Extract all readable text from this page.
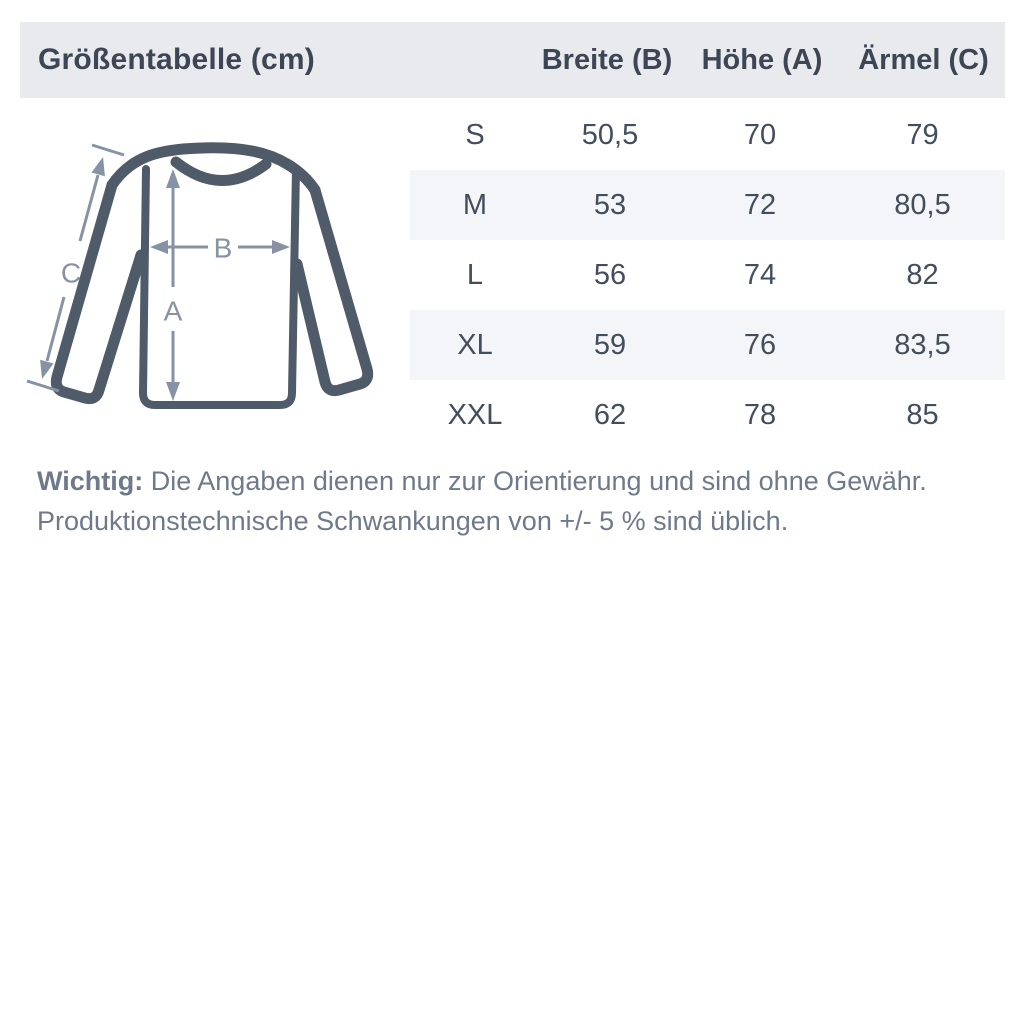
Größentabelle (cm)	Breite (B)	Höhe (A)	Ärmel (C)
A
B
C
S	50,5	70	79
M	53	72	80,5
L	56	74	82
XL	59	76	83,5
XXL	62	78	85
Wichtig: Die Angaben dienen nur zur Orientierung und sind ohne Gewähr.
Produktionstechnische Schwankungen von +/- 5 % sind üblich.
